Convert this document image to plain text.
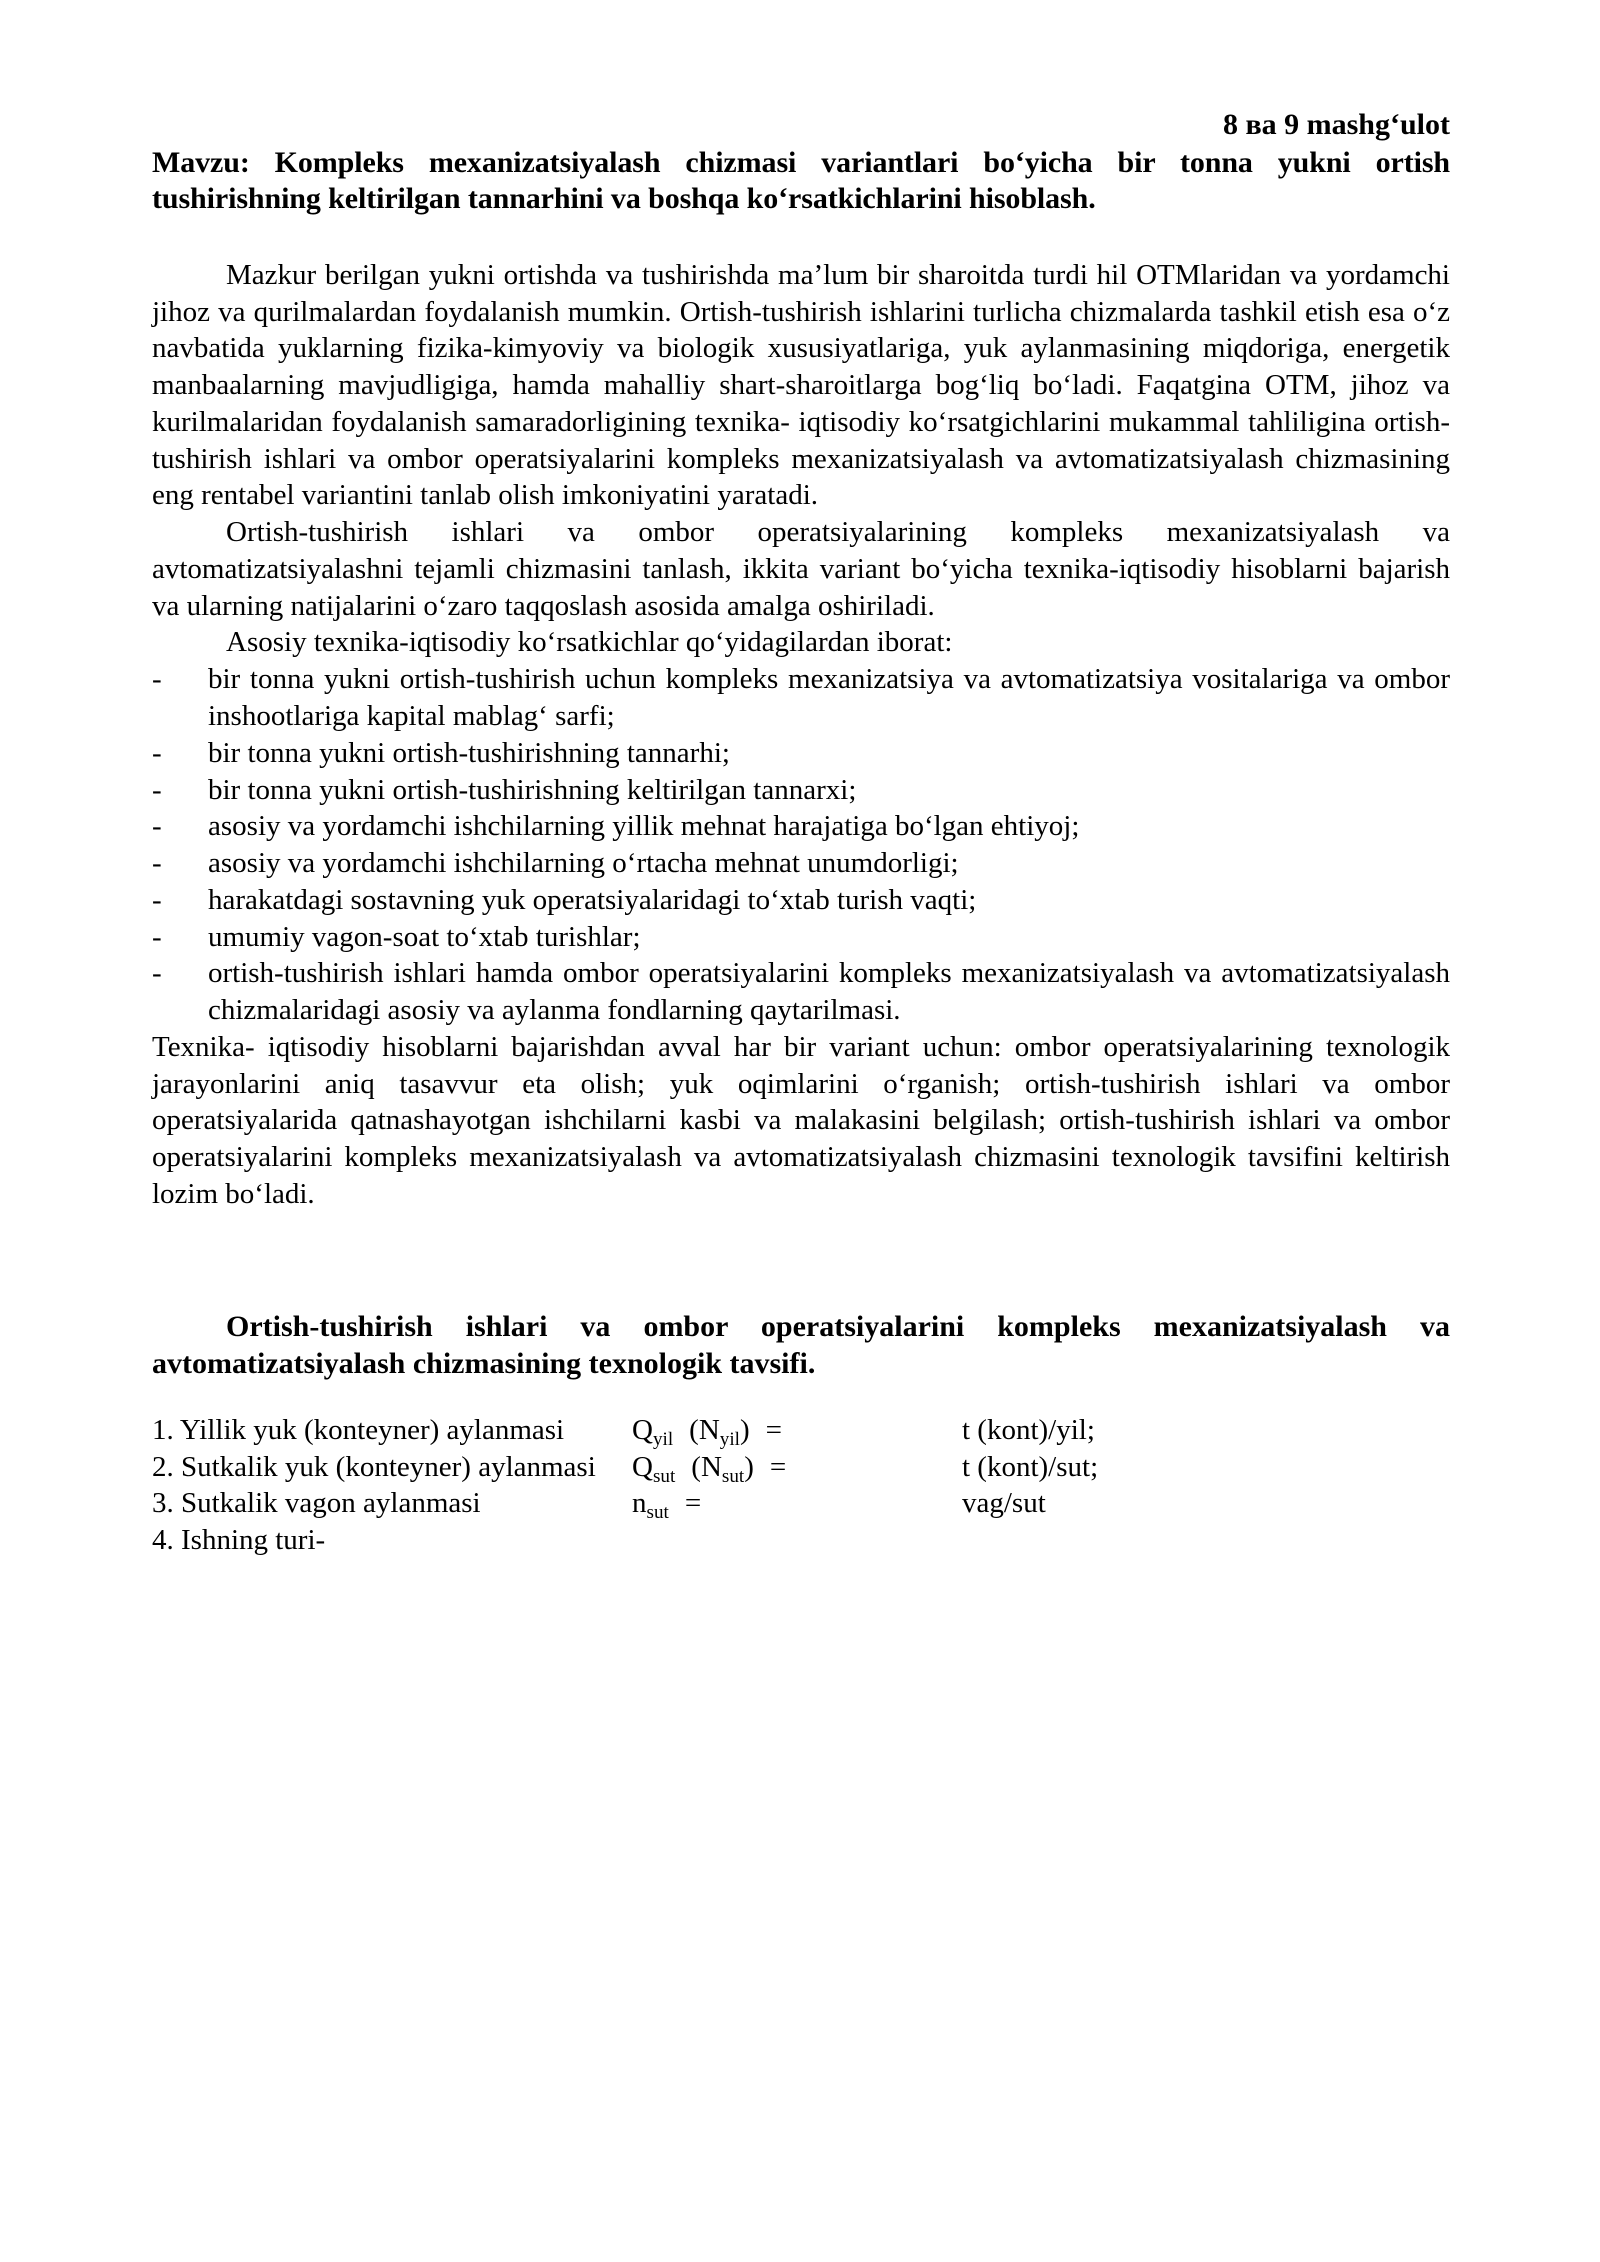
8 ва 9 mashg‘ulot
Mavzu: Kompleks mexanizatsiyalash chizmasi variantlari bo‘yicha bir tonna yukni ortish tushirishning keltirilgan tannarhini va boshqa ko‘rsatkichlarini hisoblash.

Mazkur berilgan yukni ortishda va tushirishda ma’lum bir sharoitda turdi hil OTMlaridan va yordamchi jihoz va qurilmalardan foydalanish mumkin. Ortish-tushirish ishlarini turlicha chizmalarda tashkil etish esa o‘z navbatida yuklarning fizika-kimyoviy va biologik xususiyatlariga, yuk aylanmasining miqdoriga, energetik manbaalarning mavjudligiga, hamda mahalliy shart-sharoitlarga bog‘liq bo‘ladi. Faqatgina OTM, jihoz va kurilmalaridan foydalanish samaradorligining texnika- iqtisodiy ko‘rsatgichlarini mukammal tahliligina ortish-tushirish ishlari va ombor operatsiyalarini kompleks mexanizatsiyalash va avtomatizatsiyalash chizmasining eng rentabel variantini tanlab olish imkoniyatini yaratadi.

Ortish-tushirish ishlari va ombor operatsiyalarining kompleks mexanizatsiyalash va avtomatizatsiyalashni tejamli chizmasini tanlash, ikkita variant bo‘yicha texnika-iqtisodiy hisoblarni bajarish va ularning natijalarini o‘zaro taqqoslash asosida amalga oshiriladi.

Asosiy texnika-iqtisodiy ko‘rsatkichlar qo‘yidagilardan iborat:

- bir tonna yukni ortish-tushirish uchun kompleks mexanizatsiya va avtomatizatsiya vositalariga va ombor inshootlariga kapital mablag‘ sarfi;
- bir tonna yukni ortish-tushirishning tannarhi;
- bir tonna yukni ortish-tushirishning keltirilgan tannarxi;
- asosiy va yordamchi ishchilarning yillik mehnat harajatiga bo‘lgan ehtiyoj;
- asosiy va yordamchi ishchilarning o‘rtacha mehnat unumdorligi;
- harakatdagi sostavning yuk operatsiyalaridagi to‘xtab turish vaqti;
- umumiy vagon-soat to‘xtab turishlar;
- ortish-tushirish ishlari hamda ombor operatsiyalarini kompleks mexanizatsiyalash va avtomatizatsiyalash chizmalaridagi asosiy va aylanma fondlarning qaytarilmasi.

Texnika- iqtisodiy hisoblarni bajarishdan avval har bir variant uchun: ombor operatsiyalarining texnologik jarayonlarini aniq tasavvur eta olish; yuk oqimlarini o‘rganish; ortish-tushirish ishlari va ombor operatsiyalarida qatnashayotgan ishchilarni kasbi va malakasini belgilash; ortish-tushirish ishlari va ombor operatsiyalarini kompleks mexanizatsiyalash va avtomatizatsiyalash chizmasini texnologik tavsifini keltirish lozim bo‘ladi.

Ortish-tushirish ishlari va ombor operatsiyalarini kompleks mexanizatsiyalash va avtomatizatsiyalash chizmasining texnologik tavsifi.
1. Yillik yuk (konteyner) aylanmasi	$Q_{yil}$ $(N_{yil})$ =	t (kont)/yil;
2. Sutkalik yuk (konteyner) aylanmasi	$Q_{sut}$ $(N_{sut})$ =	t (kont)/sut;
3. Sutkalik vagon aylanmasi	$n_{sut}$ =	vag/sut
4. Ishning turi-		
